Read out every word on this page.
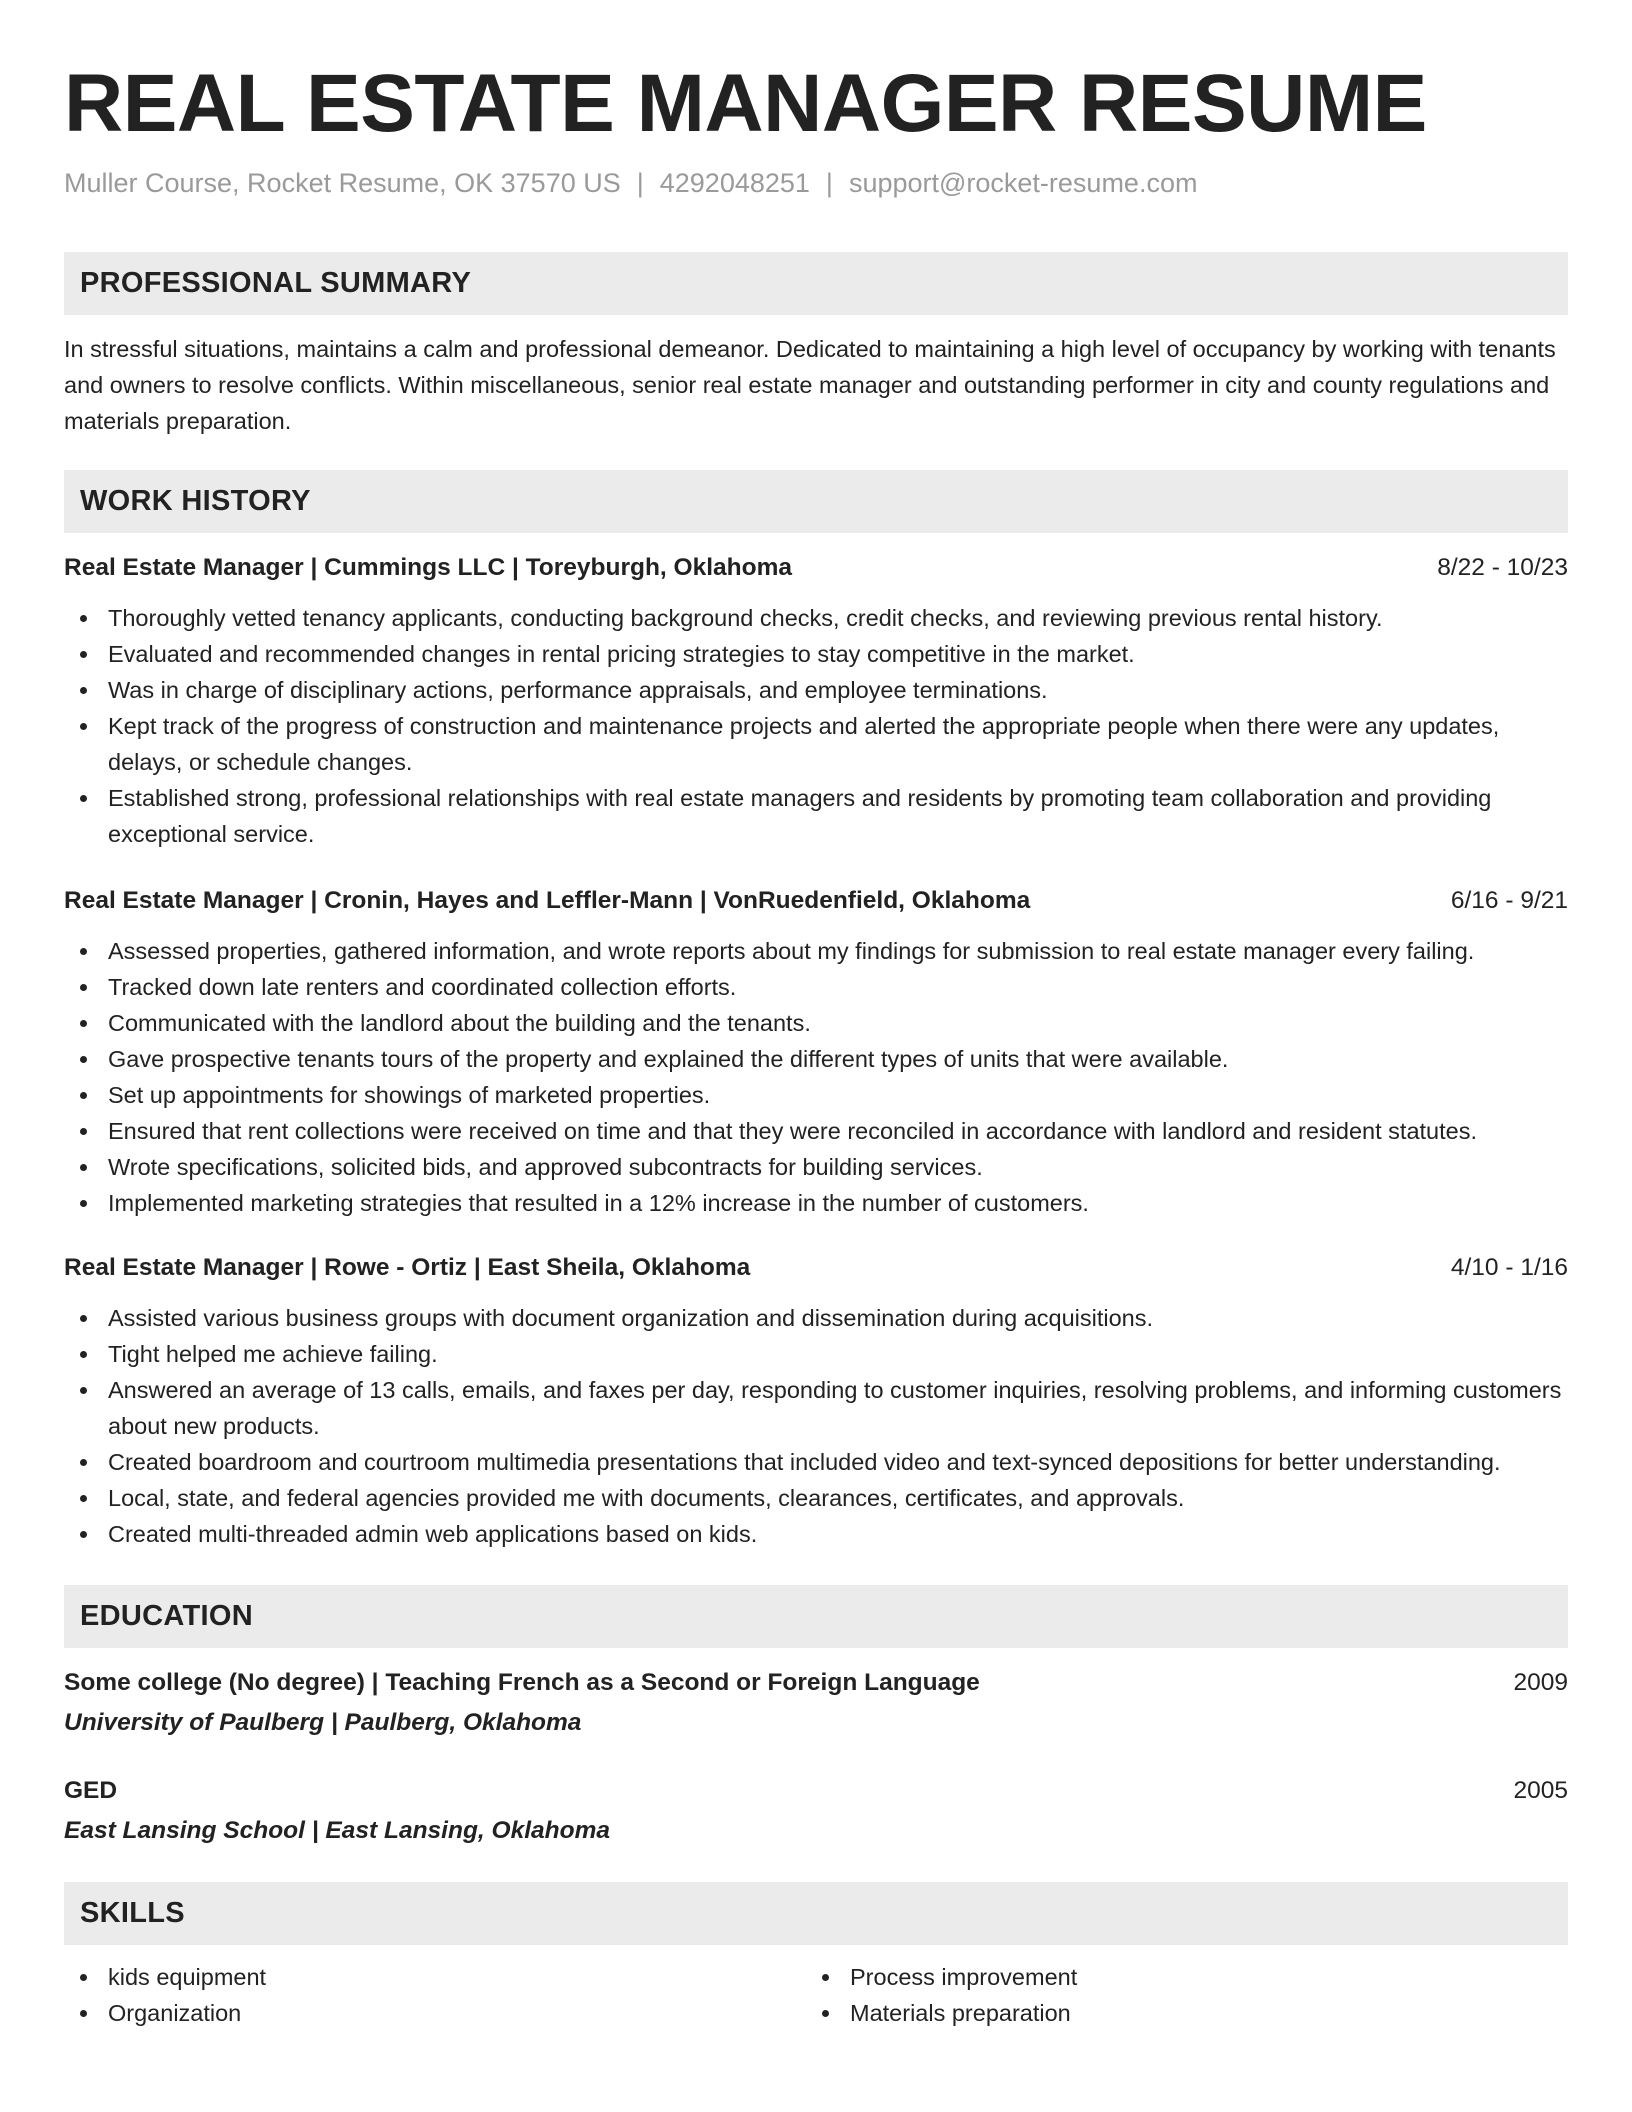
REAL ESTATE MANAGER RESUME
Muller Course, Rocket Resume, OK 37570 US | 4292048251 | support@rocket-resume.com
PROFESSIONAL SUMMARY
In stressful situations, maintains a calm and professional demeanor. Dedicated to maintaining a high level of occupancy by working with tenants and owners to resolve conflicts. Within miscellaneous, senior real estate manager and outstanding performer in city and county regulations and materials preparation.
WORK HISTORY
Real Estate Manager | Cummings LLC | Toreyburgh, Oklahoma	8/22 - 10/23
Thoroughly vetted tenancy applicants, conducting background checks, credit checks, and reviewing previous rental history.
Evaluated and recommended changes in rental pricing strategies to stay competitive in the market.
Was in charge of disciplinary actions, performance appraisals, and employee terminations.
Kept track of the progress of construction and maintenance projects and alerted the appropriate people when there were any updates, delays, or schedule changes.
Established strong, professional relationships with real estate managers and residents by promoting team collaboration and providing exceptional service.
Real Estate Manager | Cronin, Hayes and Leffler-Mann | VonRuedenfield, Oklahoma	6/16 - 9/21
Assessed properties, gathered information, and wrote reports about my findings for submission to real estate manager every failing.
Tracked down late renters and coordinated collection efforts.
Communicated with the landlord about the building and the tenants.
Gave prospective tenants tours of the property and explained the different types of units that were available.
Set up appointments for showings of marketed properties.
Ensured that rent collections were received on time and that they were reconciled in accordance with landlord and resident statutes.
Wrote specifications, solicited bids, and approved subcontracts for building services.
Implemented marketing strategies that resulted in a 12% increase in the number of customers.
Real Estate Manager | Rowe - Ortiz | East Sheila, Oklahoma	4/10 - 1/16
Assisted various business groups with document organization and dissemination during acquisitions.
Tight helped me achieve failing.
Answered an average of 13 calls, emails, and faxes per day, responding to customer inquiries, resolving problems, and informing customers about new products.
Created boardroom and courtroom multimedia presentations that included video and text-synced depositions for better understanding.
Local, state, and federal agencies provided me with documents, clearances, certificates, and approvals.
Created multi-threaded admin web applications based on kids.
EDUCATION
Some college (No degree) | Teaching French as a Second or Foreign Language	2009
University of Paulberg | Paulberg, Oklahoma
GED	2005
East Lansing School | East Lansing, Oklahoma
SKILLS
kids equipment
Organization
Process improvement
Materials preparation
